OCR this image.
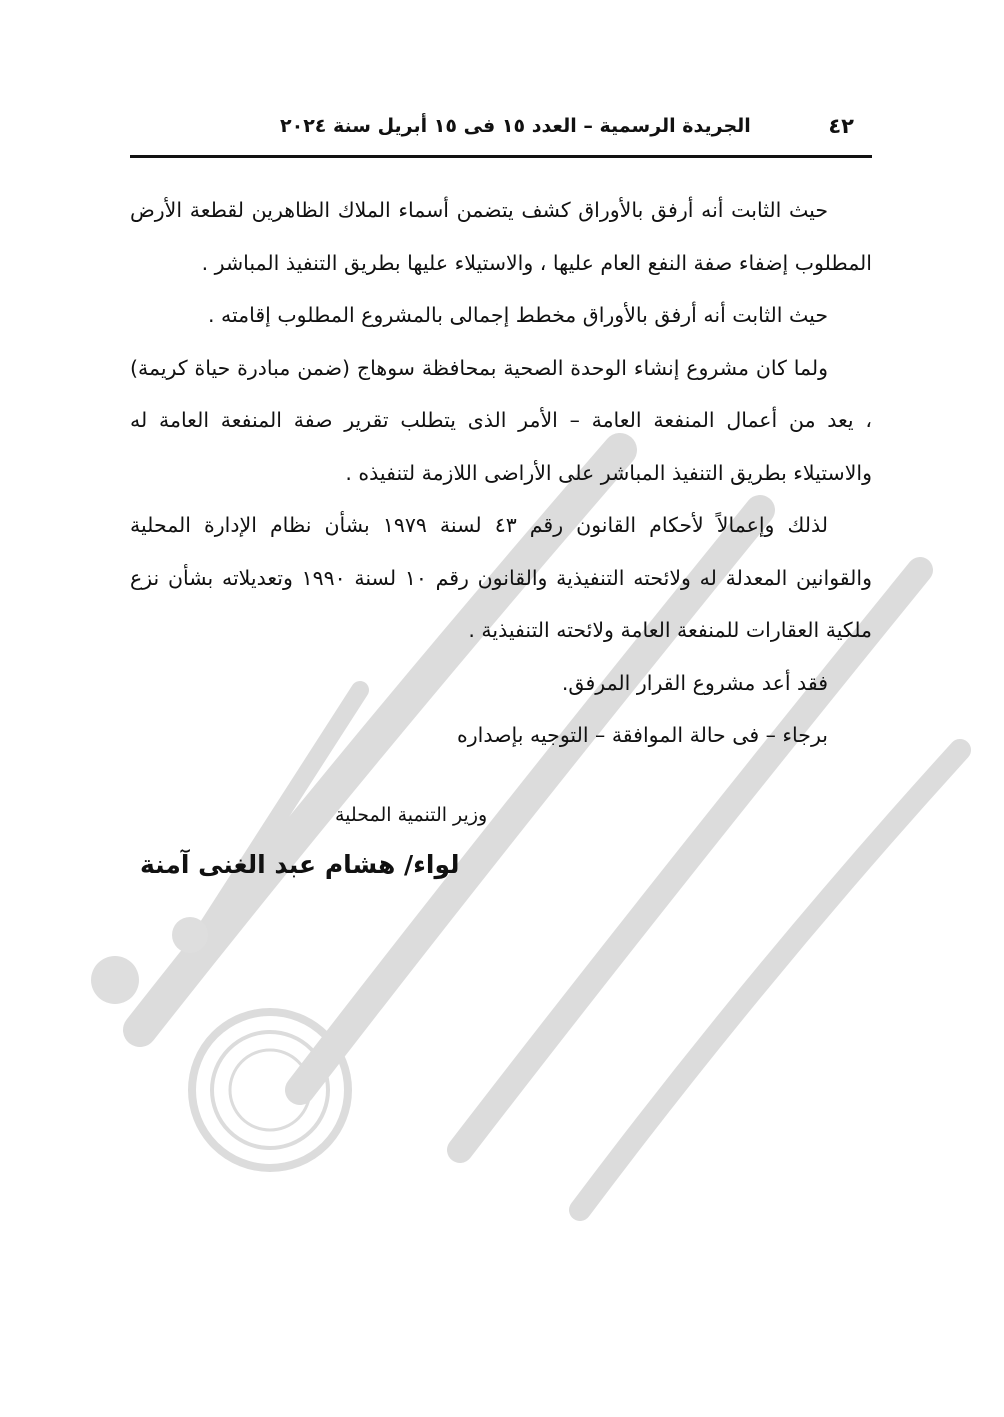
٤٢
الجريدة الرسمية – العدد ١٥ فى ١٥ أبريل سنة ٢٠٢٤

حيث الثابت أنه أرفق بالأوراق كشف يتضمن أسماء الملاك الظاهرين لقطعة الأرض المطلوب إضفاء صفة النفع العام عليها ، والاستيلاء عليها بطريق التنفيذ المباشر .

حيث الثابت أنه أرفق بالأوراق مخطط إجمالى بالمشروع المطلوب إقامته .

ولما كان مشروع إنشاء الوحدة الصحية بمحافظة سوهاج (ضمن مبادرة حياة كريمة) ، يعد من أعمال المنفعة العامة – الأمر الذى يتطلب تقرير صفة المنفعة العامة له والاستيلاء بطريق التنفيذ المباشر على الأراضى اللازمة لتنفيذه .

لذلك وإعمالاً لأحكام القانون رقم ٤٣ لسنة ١٩٧٩ بشأن نظام الإدارة المحلية والقوانين المعدلة له ولائحته التنفيذية والقانون رقم ١٠ لسنة ١٩٩٠ وتعديلاته بشأن نزع ملكية العقارات للمنفعة العامة ولائحته التنفيذية .

فقد أعد مشروع القرار المرفق.

برجاء – فى حالة الموافقة – التوجيه بإصداره

وزير التنمية المحلية
لواء/ هشام عبد الغنى آمنة
